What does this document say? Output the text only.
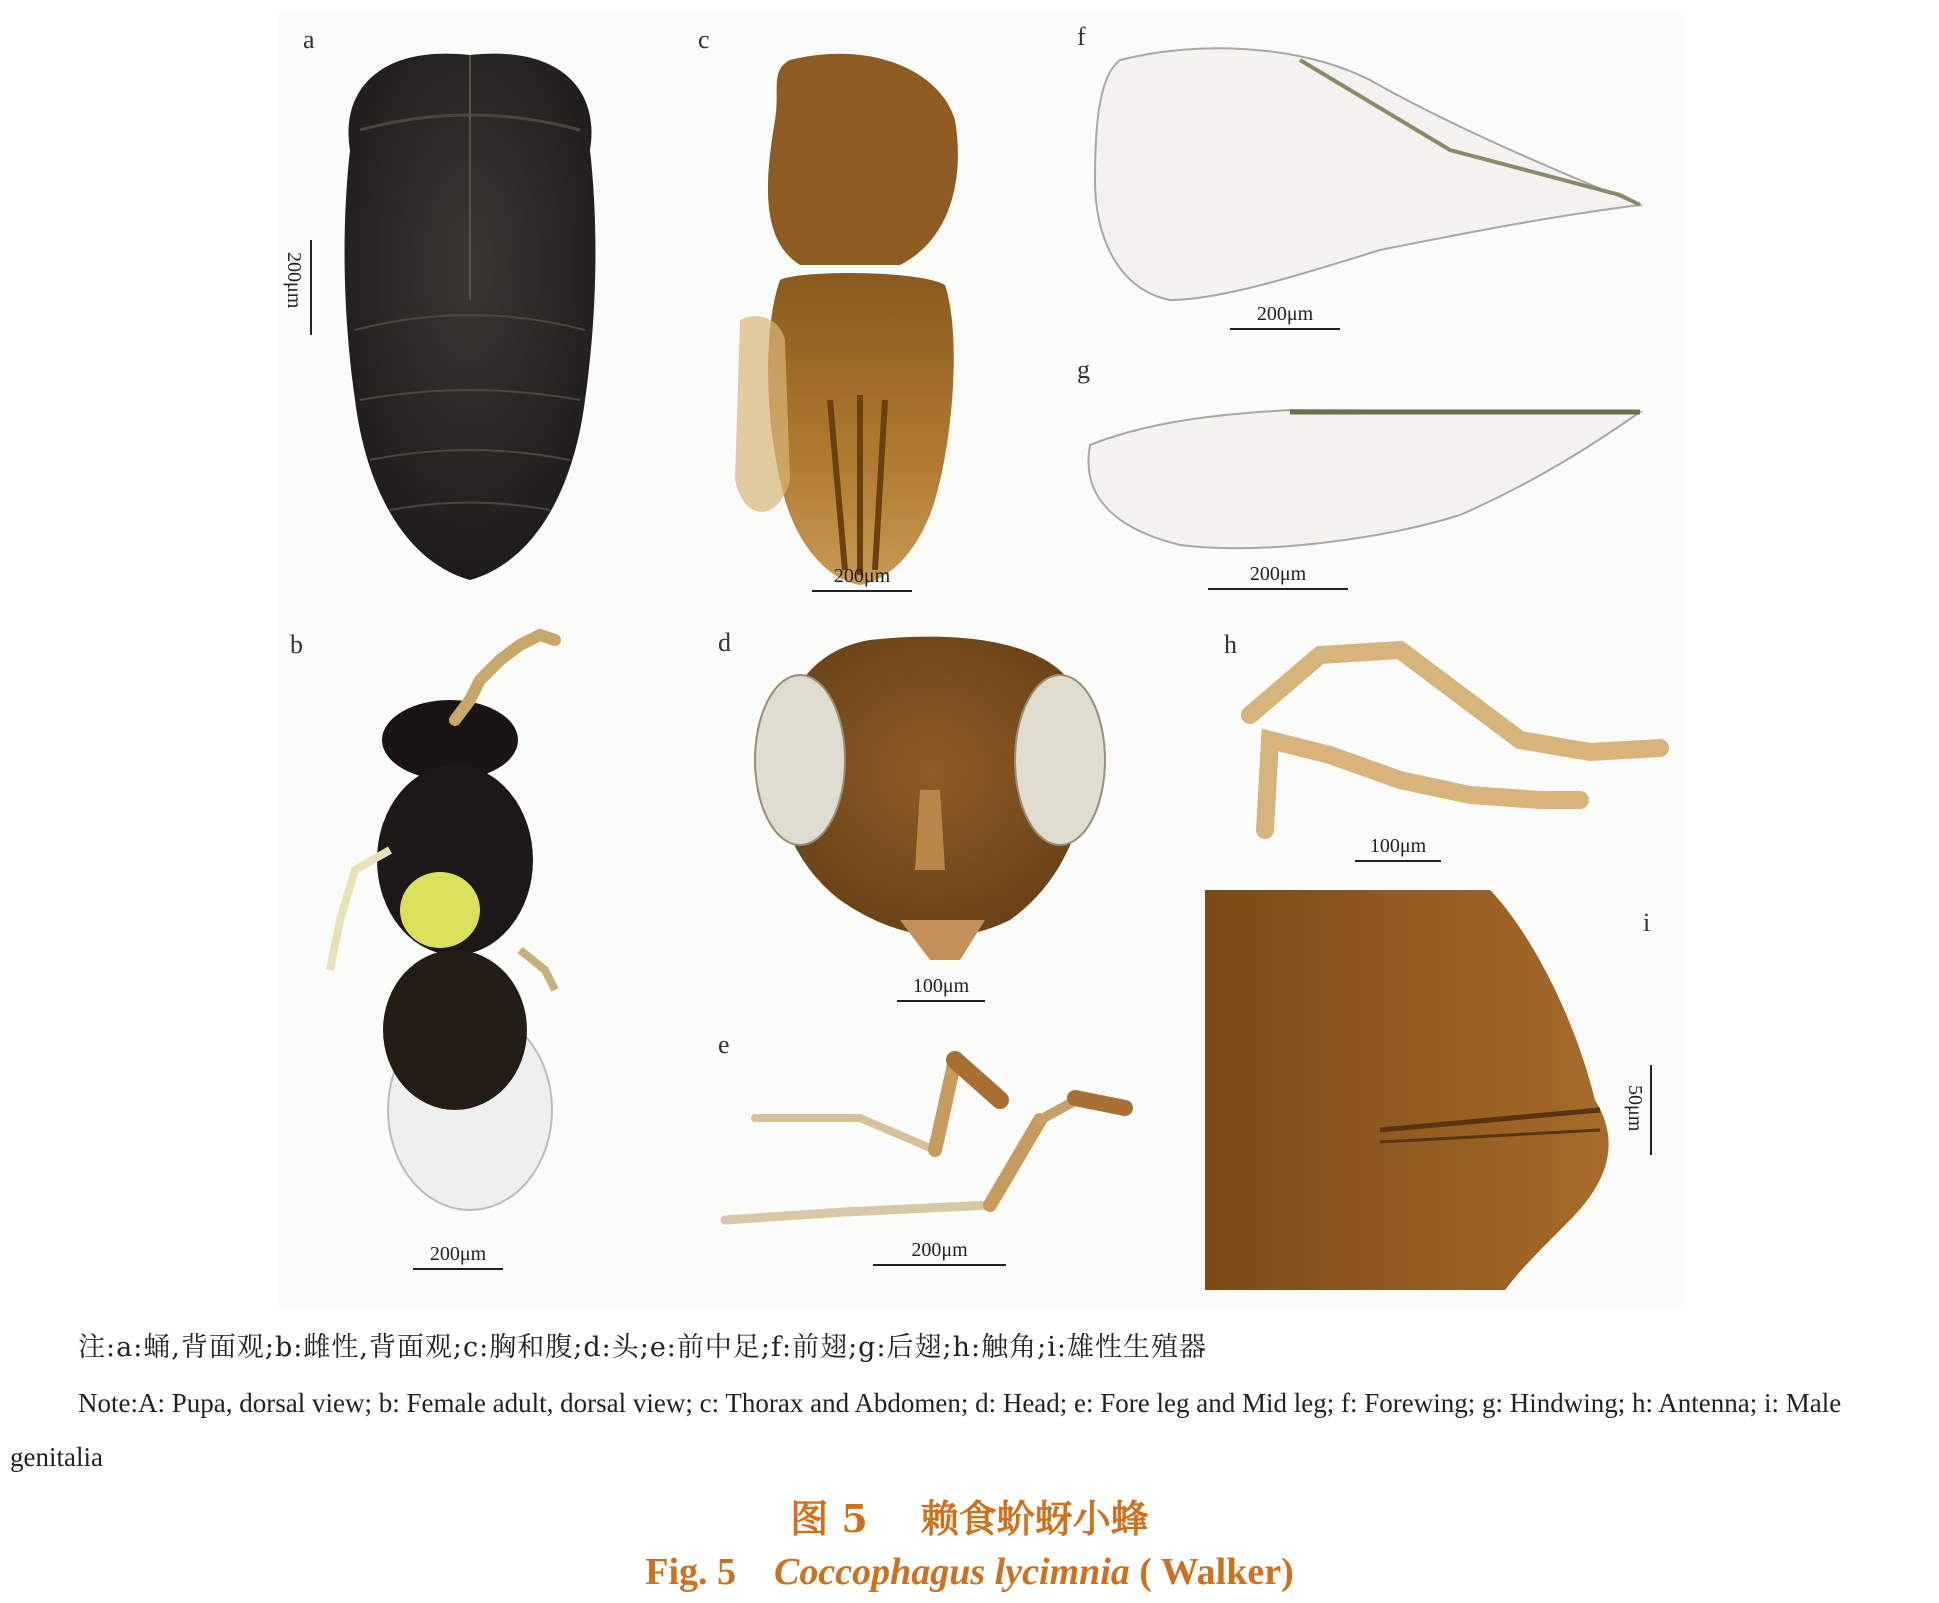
a	c	f
g
b	d	h
e
i
200μm
200μm
200μm
200μm
200μm
100μm
100μm
200μm
50μm
注:a:蛹,背面观;b:雌性,背面观;c:胸和腹;d:头;e:前中足;f:前翅;g:后翅;h:触角;i:雄性生殖器
Note:A: Pupa, dorsal view; b: Female adult, dorsal view; c: Thorax and Abdomen; d: Head; e: Fore leg and Mid leg; f: Forewing; g: Hindwing; h: Antenna; i: Male genitalia
图 5 赖食蚧蚜小蜂
Fig. 5 Coccophagus lycimnia ( Walker)
